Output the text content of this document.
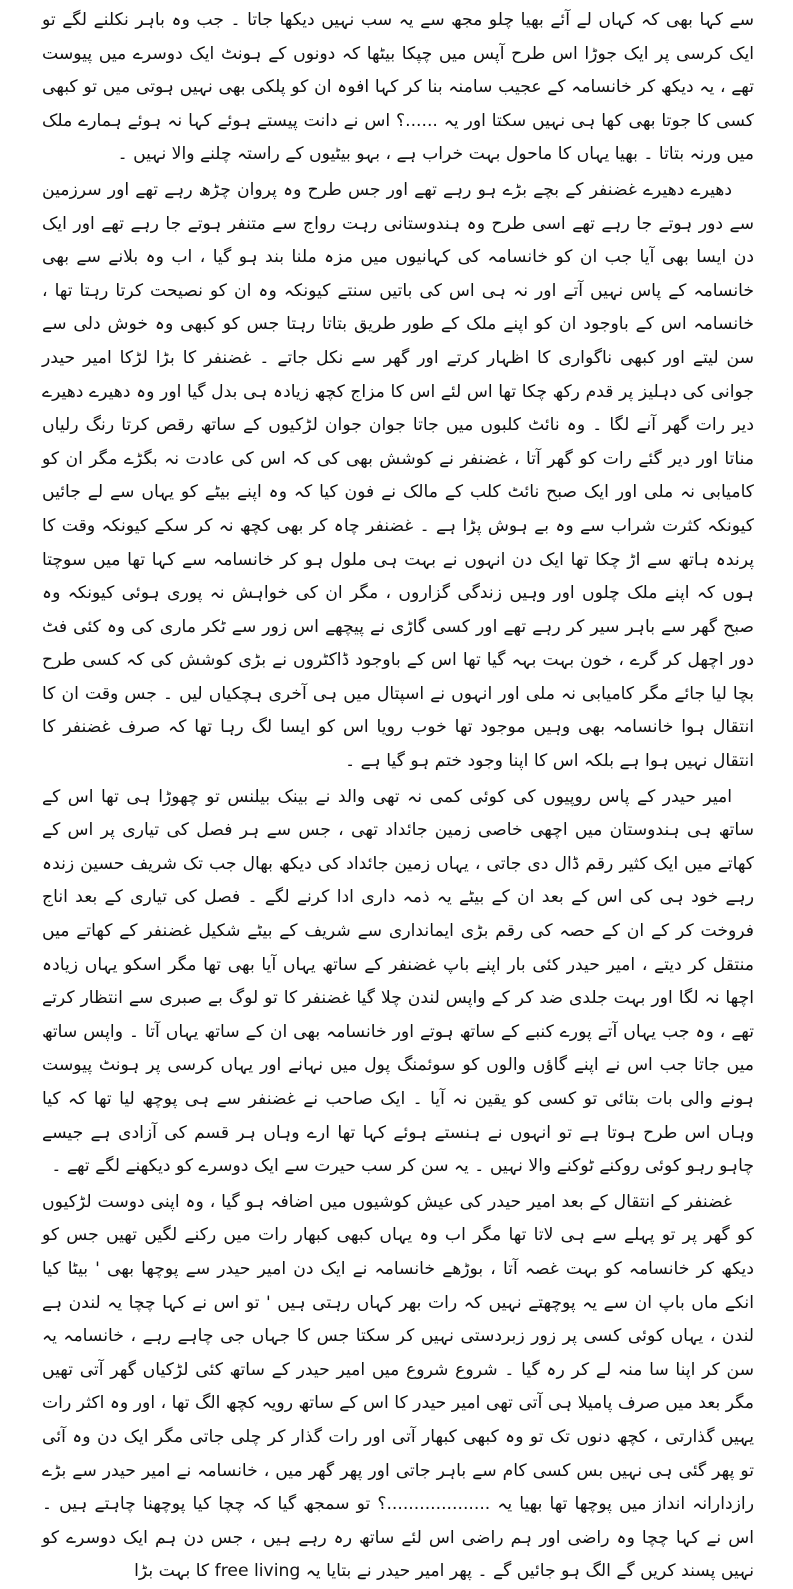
سے کہا بھی کہ کہاں لے آئے بھیا چلو مجھ سے یہ سب نہیں دیکھا جاتا ۔ جب وہ باہر نکلنے لگے تو ایک کرسی پر ایک جوڑا اس طرح آپس میں چپکا بیٹھا کہ دونوں کے ہونٹ ایک دوسرے میں پیوست تھے ، یہ دیکھ کر خانسامہ کے عجیب سامنہ بنا کر کہا افوہ ان کو پلکی بھی نہیں ہوتی میں تو کبھی کسی کا جوتا بھی کھا ہی نہیں سکتا اور یہ ......؟ اس نے دانت پیستے ہوئے کہا نہ ہوئے ہمارے ملک میں ورنہ بتاتا ۔ بھیا یہاں کا ماحول بہت خراب ہے ، بہو بیٹیوں کے راستہ چلنے والا نہیں ۔

دھیرے دھیرے غضنفر کے بچے بڑے ہو رہے تھے اور جس طرح وہ پروان چڑھ رہے تھے اور سرزمین سے دور ہوتے جا رہے تھے اسی طرح وہ ہندوستانی رہت رواج سے متنفر ہوتے جا رہے تھے اور ایک دن ایسا بھی آیا جب ان کو خانسامہ کی کہانیوں میں مزہ ملنا بند ہو گیا ، اب وہ بلانے سے بھی خانسامہ کے پاس نہیں آتے اور نہ ہی اس کی باتیں سنتے کیونکہ وہ ان کو نصیحت کرتا رہتا تھا ، خانسامہ اس کے باوجود ان کو اپنے ملک کے طور طریق بتاتا رہتا جس کو کبھی وہ خوش دلی سے سن لیتے اور کبھی ناگواری کا اظہار کرتے اور گھر سے نکل جاتے ۔ غضنفر کا بڑا لڑکا امیر حیدر جوانی کی دہلیز پر قدم رکھ چکا تھا اس لئے اس کا مزاج کچھ زیادہ ہی بدل گیا اور وہ دھیرے دھیرے دیر رات گھر آنے لگا ۔ وہ نائٹ کلبوں میں جاتا جوان جوان لڑکیوں کے ساتھ رقص کرتا رنگ رلیاں مناتا اور دیر گئے رات کو گھر آتا ، غضنفر نے کوشش بھی کی کہ اس کی عادت نہ بگڑے مگر ان کو کامیابی نہ ملی اور ایک صبح نائٹ کلب کے مالک نے فون کیا کہ وہ اپنے بیٹے کو یہاں سے لے جائیں کیونکہ کثرت شراب سے وہ بے ہوش پڑا ہے ۔ غضنفر چاہ کر بھی کچھ نہ کر سکے کیونکہ وقت کا پرندہ ہاتھ سے اڑ چکا تھا ایک دن انہوں نے بہت ہی ملول ہو کر خانسامہ سے کہا تھا میں سوچتا ہوں کہ اپنے ملک چلوں اور وہیں زندگی گزاروں ، مگر ان کی خواہش نہ پوری ہوئی کیونکہ وہ صبح گھر سے باہر سیر کر رہے تھے اور کسی گاڑی نے پیچھے اس زور سے ٹکر ماری کی وہ کئی فٹ دور اچھل کر گرے ، خون بہت بہہ گیا تھا اس کے باوجود ڈاکٹروں نے بڑی کوشش کی کہ کسی طرح بچا لیا جائے مگر کامیابی نہ ملی اور انہوں نے اسپتال میں ہی آخری ہچکیاں لیں ۔ جس وقت ان کا انتقال ہوا خانسامہ بھی وہیں موجود تھا خوب رویا اس کو ایسا لگ رہا تھا کہ صرف غضنفر کا انتقال نہیں ہوا ہے بلکہ اس کا اپنا وجود ختم ہو گیا ہے ۔

امیر حیدر کے پاس روپیوں کی کوئی کمی نہ تھی والد نے بینک بیلنس تو چھوڑا ہی تھا اس کے ساتھ ہی ہندوستان میں اچھی خاصی زمین جائداد تھی ، جس سے ہر فصل کی تیاری پر اس کے کھاتے میں ایک کثیر رقم ڈال دی جاتی ، یہاں زمین جائداد کی دیکھ بھال جب تک شریف حسین زندہ رہے خود ہی کی اس کے بعد ان کے بیٹے یہ ذمہ داری ادا کرنے لگے ۔ فصل کی تیاری کے بعد اناج فروخت کر کے ان کے حصہ کی رقم بڑی ایمانداری سے شریف کے بیٹے شکیل غضنفر کے کھاتے میں منتقل کر دیتے ، امیر حیدر کئی بار اپنے باپ غضنفر کے ساتھ یہاں آیا بھی تھا مگر اسکو یہاں زیادہ اچھا نہ لگا اور بہت جلدی ضد کر کے واپس لندن چلا گیا غضنفر کا تو لوگ بے صبری سے انتظار کرتے تھے ، وہ جب یہاں آتے پورے کنبے کے ساتھ ہوتے اور خانسامہ بھی ان کے ساتھ یہاں آتا ۔ واپس ساتھ میں جاتا جب اس نے اپنے گاؤں والوں کو سوئمنگ پول میں نہانے اور یہاں کرسی پر ہونٹ پیوست ہونے والی بات بتائی تو کسی کو یقین نہ آیا ۔ ایک صاحب نے غضنفر سے ہی پوچھ لیا تھا کہ کیا وہاں اس طرح ہوتا ہے تو انہوں نے ہنستے ہوئے کہا تھا ارے وہاں ہر قسم کی آزادی ہے جیسے چاہو رہو کوئی روکنے ٹوکنے والا نہیں ۔ یہ سن کر سب حیرت سے ایک دوسرے کو دیکھنے لگے تھے ۔

غضنفر کے انتقال کے بعد امیر حیدر کی عیش کوشیوں میں اضافہ ہو گیا ، وہ اپنی دوست لڑکیوں کو گھر پر تو پہلے سے ہی لاتا تھا مگر اب وہ یہاں کبھی کبھار رات میں رکنے لگیں تھیں جس کو دیکھ کر خانسامہ کو بہت غصہ آتا ، بوڑھے خانسامہ نے ایک دن امیر حیدر سے پوچھا بھی ' بیٹا کیا انکے ماں باپ ان سے یہ پوچھتے نہیں کہ رات بھر کہاں رہتی ہیں ' تو اس نے کہا چچا یہ لندن ہے لندن ، یہاں کوئی کسی پر زور زبردستی نہیں کر سکتا جس کا جہاں جی چاہے رہے ، خانسامہ یہ سن کر اپنا سا منہ لے کر رہ گیا ۔ شروع شروع میں امیر حیدر کے ساتھ کئی لڑکیاں گھر آتی تھیں مگر بعد میں صرف پامیلا ہی آتی تھی امیر حیدر کا اس کے ساتھ رویہ کچھ الگ تھا ، اور وہ اکثر رات یہیں گذارتی ، کچھ دنوں تک تو وہ کبھی کبھار آتی اور رات گذار کر چلی جاتی مگر ایک دن وہ آئی تو پھر گئی ہی نہیں بس کسی کام سے باہر جاتی اور پھر گھر میں ، خانسامہ نے امیر حیدر سے بڑے رازدارانہ انداز میں پوچھا تھا بھیا یہ ...................؟ تو سمجھ گیا کہ چچا کیا پوچھنا چاہتے ہیں ۔ اس نے کہا چچا وہ راضی اور ہم راضی اس لئے ساتھ رہ رہے ہیں ، جس دن ہم ایک دوسرے کو نہیں پسند کریں گے الگ ہو جائیں گے ۔ پھر امیر حیدر نے بتایا یہ free living کا بہت بڑا
